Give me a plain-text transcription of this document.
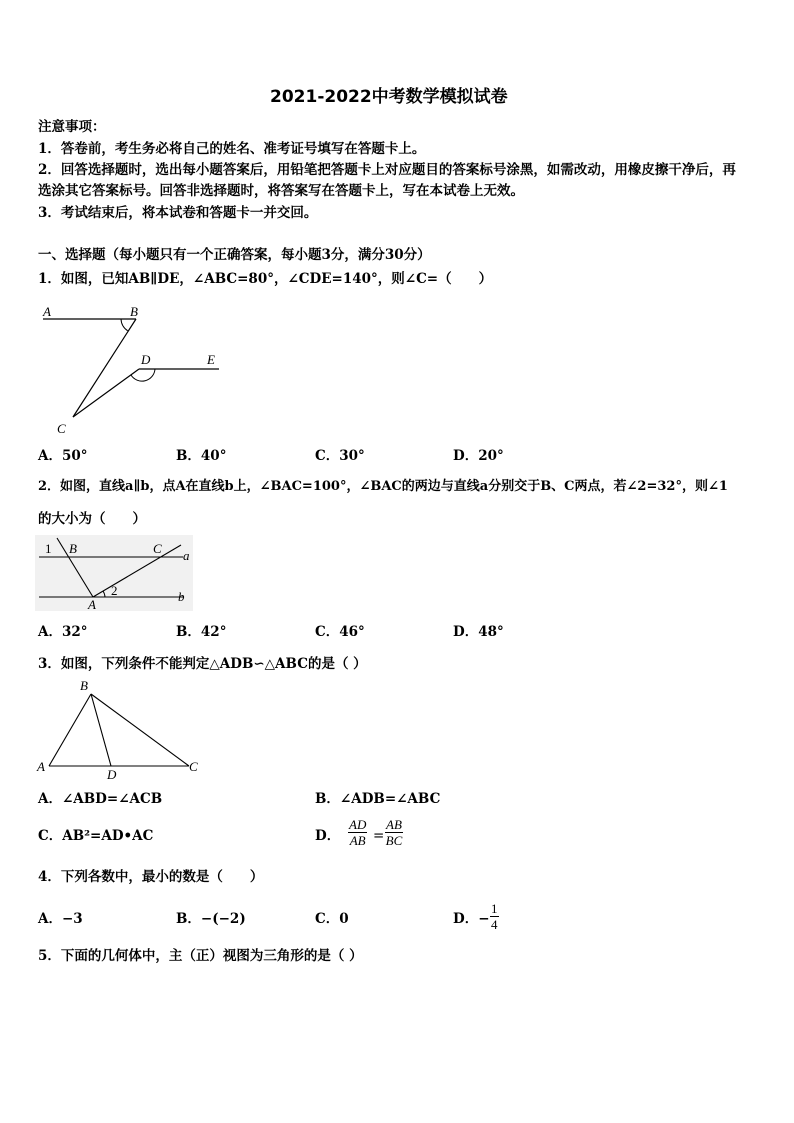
2021-2022中考数学模拟试卷
注意事项：
1．答卷前，考生务必将自己的姓名、准考证号填写在答题卡上。
2．回答选择题时，选出每小题答案后，用铅笔把答题卡上对应题目的答案标号涂黑，如需改动，用橡皮擦干净后，再
选涂其它答案标号。回答非选择题时，将答案写在答题卡上，写在本试卷上无效。
3．考试结束后，将本试卷和答题卡一并交回。
一、选择题（每小题只有一个正确答案，每小题3分，满分30分）
1．如图，已知AB∥DE，∠ABC=80°，∠CDE=140°，则∠C=（　　）
A	B
D	E
C
A．50°	B．40°	C．30°	D．20°
2．如图，直线a∥b，点A在直线b上，∠BAC=100°，∠BAC的两边与直线a分别交于B、C两点，若∠2=32°，则∠1
的大小为（　　）
1 B	C a
2
A
b
A．32°	B．42°	C．46°	D．48°
3．如图，下列条件不能判定△ADB∽△ABC的是（ ）
B
A
D
C
A．∠ABD=∠ACB	B．∠ADB=∠ABC
C．AB²=AD•AC	D． $\frac{AD}{AB} = \frac{AB}{BC}$
4．下列各数中，最小的数是（　　）
A．−3	B．−(−2)	C．0	D．− $\frac{1}{4}$
5．下面的几何体中，主（正）视图为三角形的是（ ）
